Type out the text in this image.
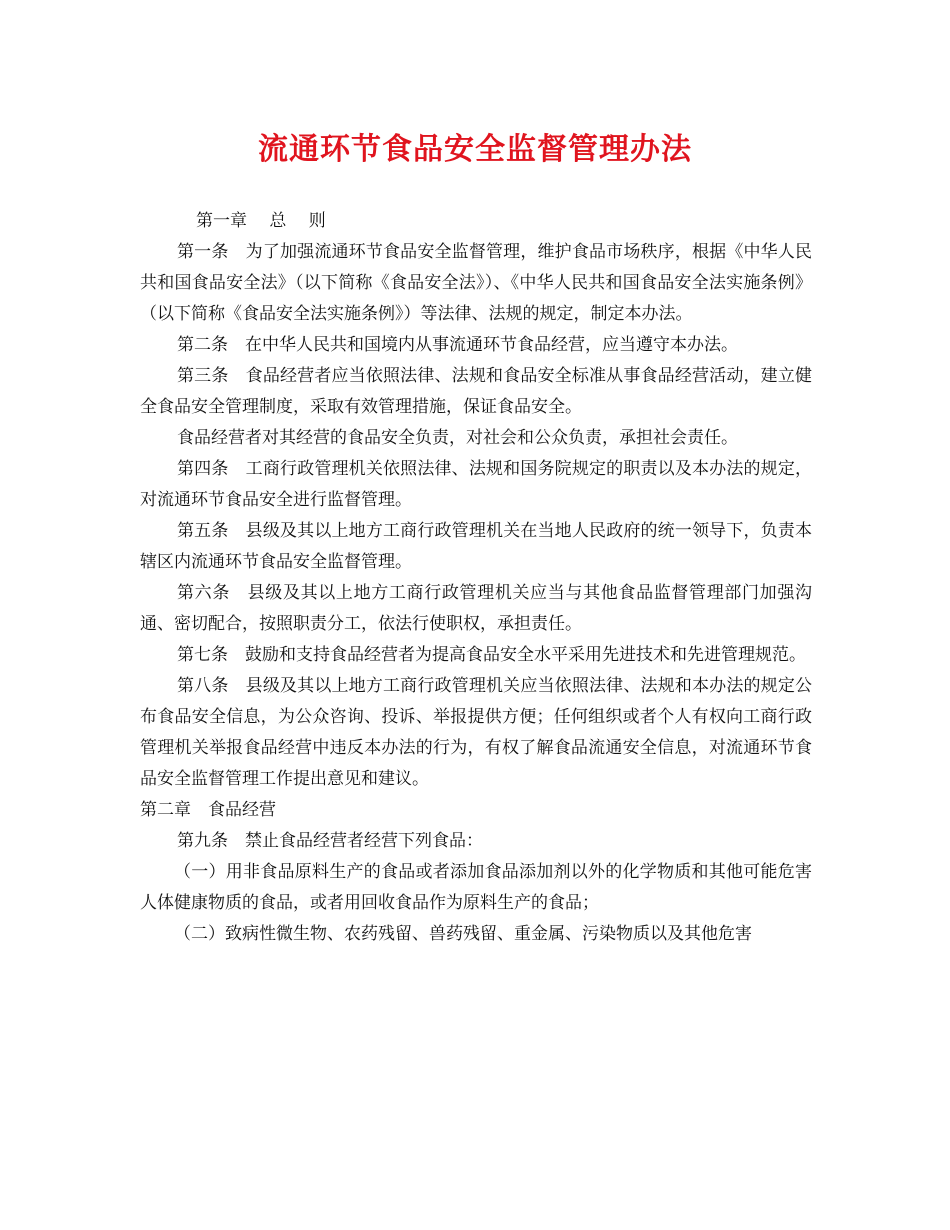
流通环节食品安全监督管理办法

第一章　 总　 则

第一条　为了加强流通环节食品安全监督管理，维护食品市场秩序，根据《中华人民共和国食品安全法》（以下简称《食品安全法》）、《中华人民共和国食品安全法实施条例》（以下简称《食品安全法实施条例》）等法律、法规的规定，制定本办法。

第二条　在中华人民共和国境内从事流通环节食品经营，应当遵守本办法。

第三条　食品经营者应当依照法律、法规和食品安全标准从事食品经营活动，建立健全食品安全管理制度，采取有效管理措施，保证食品安全。

食品经营者对其经营的食品安全负责，对社会和公众负责，承担社会责任。

第四条　工商行政管理机关依照法律、法规和国务院规定的职责以及本办法的规定，对流通环节食品安全进行监督管理。

第五条　县级及其以上地方工商行政管理机关在当地人民政府的统一领导下，负责本辖区内流通环节食品安全监督管理。

第六条　县级及其以上地方工商行政管理机关应当与其他食品监督管理部门加强沟通、密切配合，按照职责分工，依法行使职权，承担责任。

第七条　鼓励和支持食品经营者为提高食品安全水平采用先进技术和先进管理规范。

第八条　县级及其以上地方工商行政管理机关应当依照法律、法规和本办法的规定公布食品安全信息，为公众咨询、投诉、举报提供方便；任何组织或者个人有权向工商行政管理机关举报食品经营中违反本办法的行为，有权了解食品流通安全信息，对流通环节食品安全监督管理工作提出意见和建议。

第二章　食品经营

第九条　禁止食品经营者经营下列食品：

（一）用非食品原料生产的食品或者添加食品添加剂以外的化学物质和其他可能危害人体健康物质的食品，或者用回收食品作为原料生产的食品；

（二）致病性微生物、农药残留、兽药残留、重金属、污染物质以及其他危害
